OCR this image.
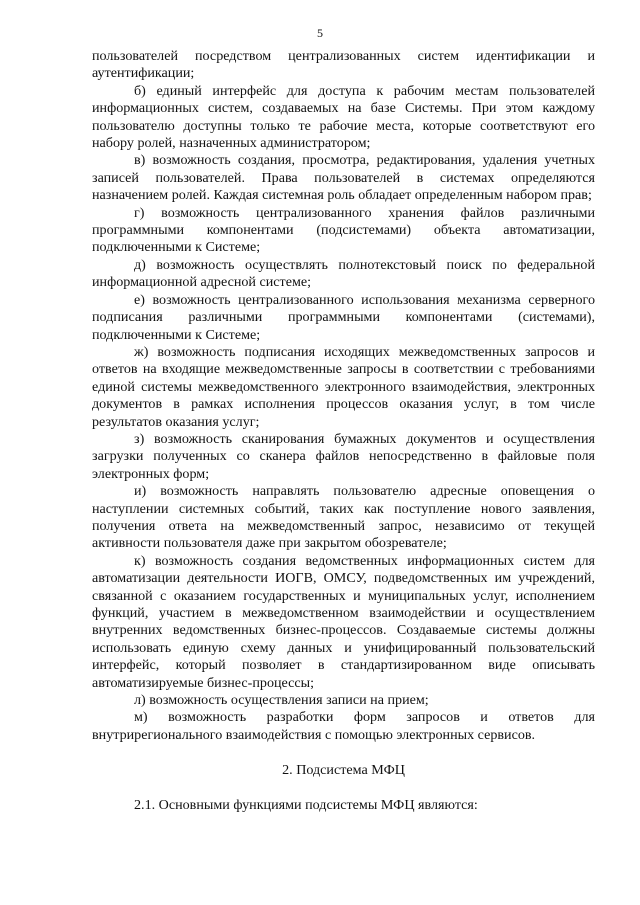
5

пользователей посредством централизованных систем идентификации и аутентификации;

б) единый интерфейс для доступа к рабочим местам пользователей информационных систем, создаваемых на базе Системы. При этом каждому пользователю доступны только те рабочие места, которые соответствуют его набору ролей, назначенных администратором;

в) возможность создания, просмотра, редактирования, удаления учетных записей пользователей. Права пользователей в системах определяются назначением ролей. Каждая системная роль обладает определенным набором прав;

г) возможность централизованного хранения файлов различными программными компонентами (подсистемами) объекта автоматизации, подключенными к Системе;

д) возможность осуществлять полнотекстовый поиск по федеральной информационной адресной системе;

е) возможность централизованного использования механизма серверного подписания различными программными компонентами (системами), подключенными к Системе;

ж) возможность подписания исходящих межведомственных запросов и ответов на входящие межведомственные запросы в соответствии с требованиями единой системы межведомственного электронного взаимодействия, электронных документов в рамках исполнения процессов оказания услуг, в том числе результатов оказания услуг;

з) возможность сканирования бумажных документов и осуществления загрузки полученных со сканера файлов непосредственно в файловые поля электронных форм;

и) возможность направлять пользователю адресные оповещения о наступлении системных событий, таких как поступление нового заявления, получения ответа на межведомственный запрос, независимо от текущей активности пользователя даже при закрытом обозревателе;

к) возможность создания ведомственных информационных систем для автоматизации деятельности ИОГВ, ОМСУ, подведомственных им учреждений, связанной с оказанием государственных и муниципальных услуг, исполнением функций, участием в межведомственном взаимодействии и осуществлением внутренних ведомственных бизнес-процессов. Создаваемые системы должны использовать единую схему данных и унифицированный пользовательский интерфейс, который позволяет в стандартизированном виде описывать автоматизируемые бизнес-процессы;

л) возможность осуществления записи на прием;

м) возможность разработки форм запросов и ответов для внутрирегионального взаимодействия с помощью электронных сервисов.

2. Подсистема МФЦ

2.1. Основными функциями подсистемы МФЦ являются:
